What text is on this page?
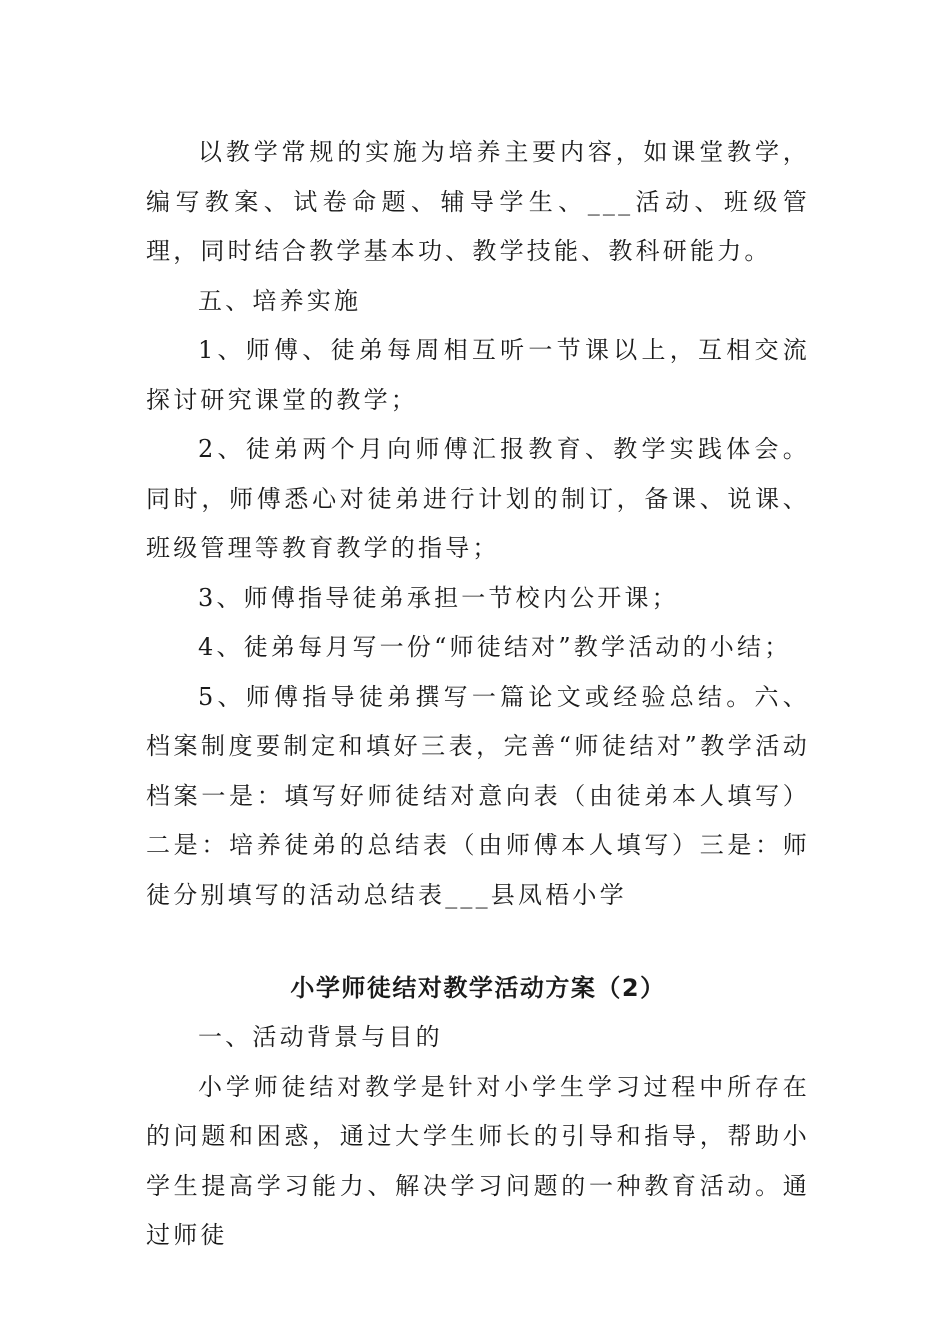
以教学常规的实施为培养主要内容，如课堂教学，编写教案、试卷命题、辅导学生、___活动、班级管理，同时结合教学基本功、教学技能、教科研能力。

五、培养实施

1、师傅、徒弟每周相互听一节课以上，互相交流探讨研究课堂的教学；

2、徒弟两个月向师傅汇报教育、教学实践体会。同时，师傅悉心对徒弟进行计划的制订，备课、说课、班级管理等教育教学的指导；

3、师傅指导徒弟承担一节校内公开课；

4、徒弟每月写一份“师徒结对”教学活动的小结；

5、师傅指导徒弟撰写一篇论文或经验总结。六、档案制度要制定和填好三表，完善“师徒结对”教学活动档案一是：填写好师徒结对意向表（由徒弟本人填写）二是：培养徒弟的总结表（由师傅本人填写）三是：师徒分别填写的活动总结表___县凤梧小学

小学师徒结对教学活动方案（2）

一、活动背景与目的

小学师徒结对教学是针对小学生学习过程中所存在的问题和困惑，通过大学生师长的引导和指导，帮助小学生提高学习能力、解决学习问题的一种教育活动。通过师徒
